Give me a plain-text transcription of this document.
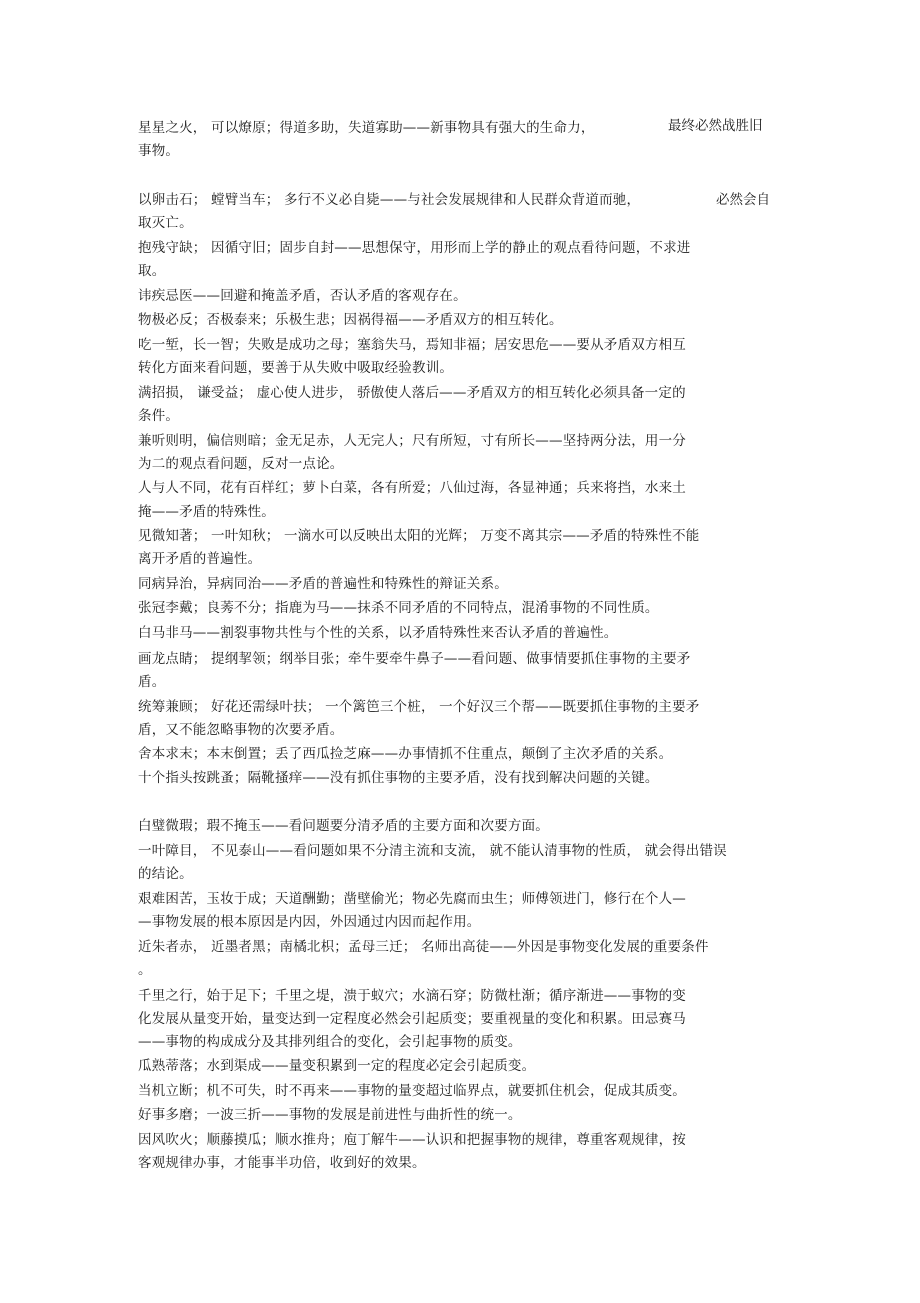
最终必然战胜旧
星星之火， 可以燎原；得道多助，失道寡助——新事物具有强大的生命力，
事物。
必然会自
以卵击石； 螳臂当车； 多行不义必自毙——与社会发展规律和人民群众背道而驰，
取灭亡。
抱残守缺； 因循守旧；固步自封——思想保守，用形而上学的静止的观点看待问题，不求进
取。
讳疾忌医——回避和掩盖矛盾，否认矛盾的客观存在。
物极必反；否极泰来；乐极生悲；因祸得福——矛盾双方的相互转化。
吃一堑，长一智；失败是成功之母；塞翁失马，焉知非福；居安思危——要从矛盾双方相互
转化方面来看问题，要善于从失败中吸取经验教训。
满招损， 谦受益； 虚心使人进步， 骄傲使人落后——矛盾双方的相互转化必须具备一定的
条件。
兼听则明，偏信则暗；金无足赤，人无完人；尺有所短，寸有所长——坚持两分法，用一分
为二的观点看问题，反对一点论。
人与人不同，花有百样红；萝卜白菜，各有所爱；八仙过海，各显神通；兵来将挡，水来土
掩——矛盾的特殊性。
见微知著； 一叶知秋； 一滴水可以反映出太阳的光辉； 万变不离其宗——矛盾的特殊性不能
离开矛盾的普遍性。
同病异治，异病同治——矛盾的普遍性和特殊性的辩证关系。
张冠李戴；良莠不分；指鹿为马——抹杀不同矛盾的不同特点，混淆事物的不同性质。
白马非马——割裂事物共性与个性的关系，以矛盾特殊性来否认矛盾的普遍性。
画龙点睛； 提纲挈领；纲举目张；牵牛要牵牛鼻子——看问题、做事情要抓住事物的主要矛
盾。
统筹兼顾； 好花还需绿叶扶； 一个篱笆三个桩， 一个好汉三个帮——既要抓住事物的主要矛
盾，又不能忽略事物的次要矛盾。
舍本求末；本末倒置；丢了西瓜捡芝麻——办事情抓不住重点，颠倒了主次矛盾的关系。
十个指头按跳蚤；隔靴搔痒——没有抓住事物的主要矛盾，没有找到解决问题的关键。
白璧微瑕；瑕不掩玉——看问题要分清矛盾的主要方面和次要方面。
一叶障目， 不见泰山——看问题如果不分清主流和支流， 就不能认清事物的性质， 就会得出错误
的结论。
艰难困苦，玉妆于成；天道酬勤；凿壁偷光；物必先腐而虫生；师傅领进门，修行在个人—
—事物发展的根本原因是内因，外因通过内因而起作用。
近朱者赤， 近墨者黑；南橘北枳；孟母三迁； 名师出高徒——外因是事物变化发展的重要条件
。
千里之行，始于足下；千里之堤，溃于蚁穴；水滴石穿；防微杜渐；循序渐进——事物的变
化发展从量变开始，量变达到一定程度必然会引起质变；要重视量的变化和积累。田忌赛马
——事物的构成成分及其排列组合的变化，会引起事物的质变。
瓜熟蒂落；水到渠成——量变积累到一定的程度必定会引起质变。
当机立断；机不可失，时不再来——事物的量变超过临界点，就要抓住机会，促成其质变。
好事多磨；一波三折——事物的发展是前进性与曲折性的统一。
因风吹火；顺藤摸瓜；顺水推舟；庖丁解牛——认识和把握事物的规律，尊重客观规律，按
客观规律办事，才能事半功倍，收到好的效果。
